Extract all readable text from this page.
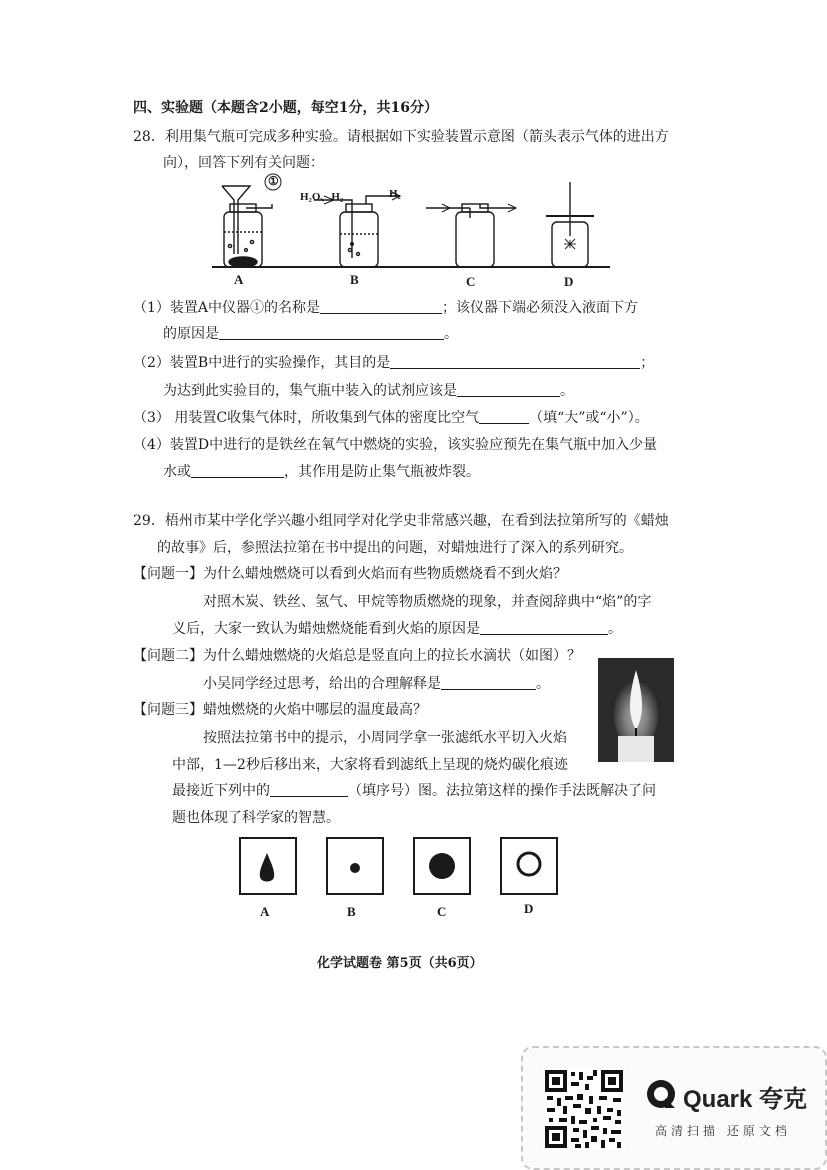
四、实验题（本题含2小题，每空1分，共16分）
28．利用集气瓶可完成多种实验。请根据如下实验装置示意图（箭头表示气体的进出方
向），回答下列有关问题：
①
H₂O、H₂	H₂
A	B	C	D
（1）装置A中仪器①的名称是	；该仪器下端必须没入液面下方
的原因是	。
（2）装置B中进行的实验操作，其目的是	；
为达到此实验目的，集气瓶中装入的试剂应该是	。
（3） 用装置C收集气体时，所收集到气体的密度比空气	（填“大”或“小”）。
（4）装置D中进行的是铁丝在氧气中燃烧的实验，该实验应预先在集气瓶中加入少量
水或	，其作用是防止集气瓶被炸裂。
29．梧州市某中学化学兴趣小组同学对化学史非常感兴趣，在看到法拉第所写的《蜡烛
的故事》后，参照法拉第在书中提出的问题，对蜡烛进行了深入的系列研究。
【问题一】为什么蜡烛燃烧可以看到火焰而有些物质燃烧看不到火焰？
对照木炭、铁丝、氢气、甲烷等物质燃烧的现象，并查阅辞典中“焰”的字
义后，大家一致认为蜡烛燃烧能看到火焰的原因是	。
【问题二】为什么蜡烛燃烧的火焰总是竖直向上的拉长水滴状（如图）？
小吴同学经过思考，给出的合理解释是	。
【问题三】蜡烛燃烧的火焰中哪层的温度最高？
按照法拉第书中的提示，小周同学拿一张滤纸水平切入火焰
中部，1—2秒后移出来，大家将看到滤纸上呈现的烧灼碳化痕迹
最接近下列中的	（填序号）图。法拉第这样的操作手法既解决了问
题也体现了科学家的智慧。
A	B	C	D
化学试题卷 第5页（共6页）
Quark 夸克
高清扫描 还原文档
